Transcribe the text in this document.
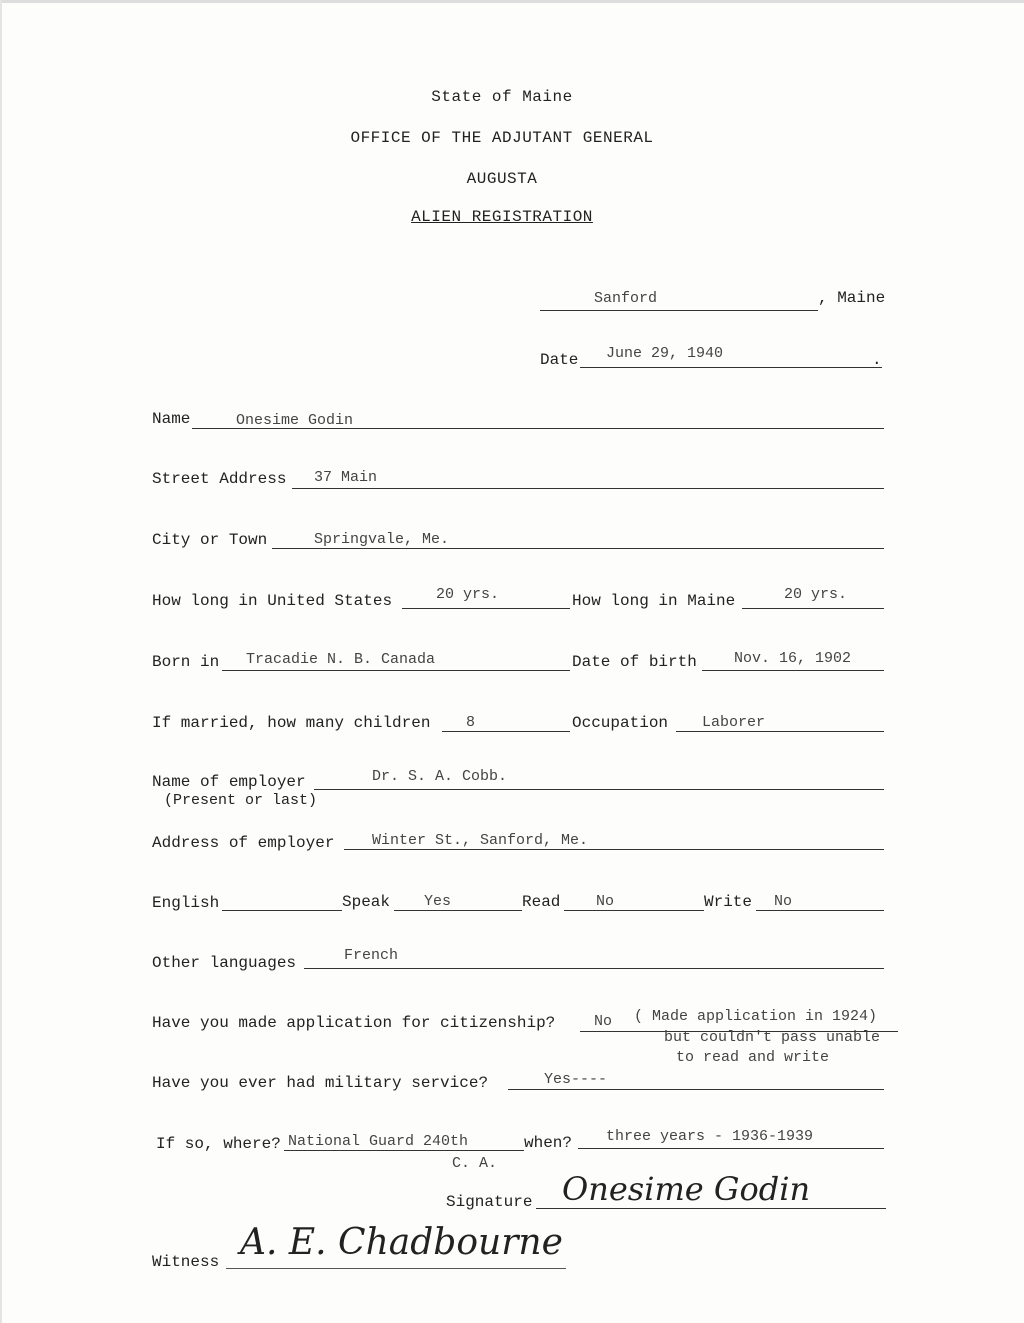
State of Maine
OFFICE OF THE ADJUTANT GENERAL
AUGUSTA
ALIEN REGISTRATION
Sanford	, Maine
Date June 29, 1940	.
Name	Onesime Godin
Street Address 37 Main
City or Town	Springvale, Me.
How long in United States	20 yrs.	How long in Maine	20 yrs.
Born in Tracadie N. B. Canada	Date of birth Nov. 16, 1902
If married, how many children 8	Occupation Laborer
Name of employer
(Present or last)
Dr. S. A. Cobb.
Address of employer	Winter St., Sanford, Me.
English	Speak Yes	Read No	Write No
Other languages	French
Have you made application for citizenship?	No ( Made application in 1924)
but couldn't pass unable
to read and write
Have you ever had military service?	Yes----
If so, where? National Guard 240th
C. A.
when? three years - 1936-1939
Signature Onesime Godin
Witness A. E. Chadbourne
